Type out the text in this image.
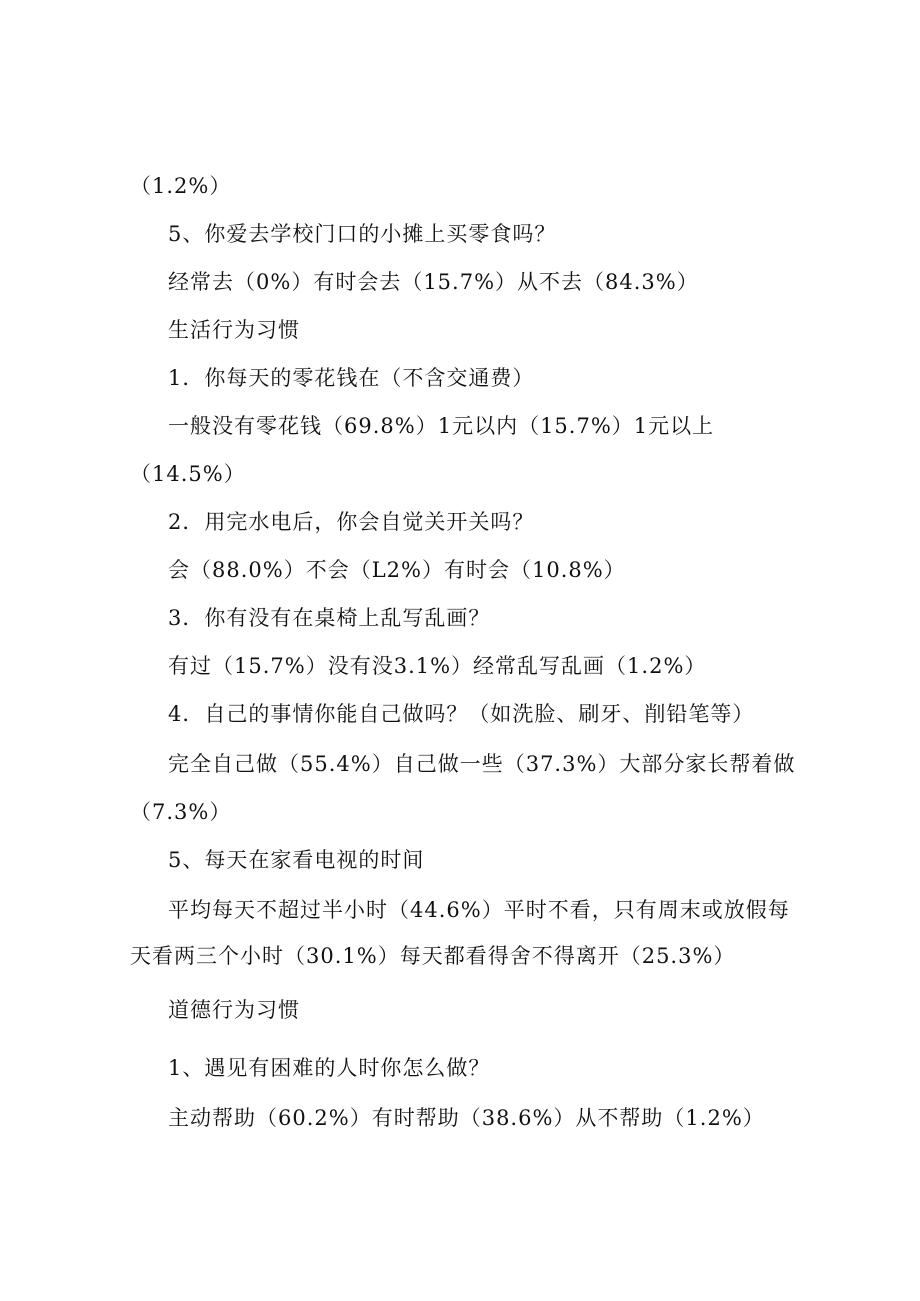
（1.2%）
5、你爱去学校门口的小摊上买零食吗？
经常去（0%）有时会去（15.7%）从不去（84.3%）
生活行为习惯
1．你每天的零花钱在（不含交通费）
一般没有零花钱（69.8%）1元以内（15.7%）1元以上
（14.5%）
2．用完水电后，你会自觉关开关吗？
会（88.0%）不会（L2%）有时会（10.8%）
3．你有没有在桌椅上乱写乱画？
有过（15.7%）没有没3.1%）经常乱写乱画（1.2%）
4．自己的事情你能自己做吗？（如洗脸、刷牙、削铅笔等）
完全自己做（55.4%）自己做一些（37.3%）大部分家长帮着做
（7.3%）
5、每天在家看电视的时间
平均每天不超过半小时（44.6%）平时不看，只有周末或放假每
天看两三个小时（30.1%）每天都看得舍不得离开（25.3%）
道德行为习惯
1、遇见有困难的人时你怎么做？
主动帮助（60.2%）有时帮助（38.6%）从不帮助（1.2%）
